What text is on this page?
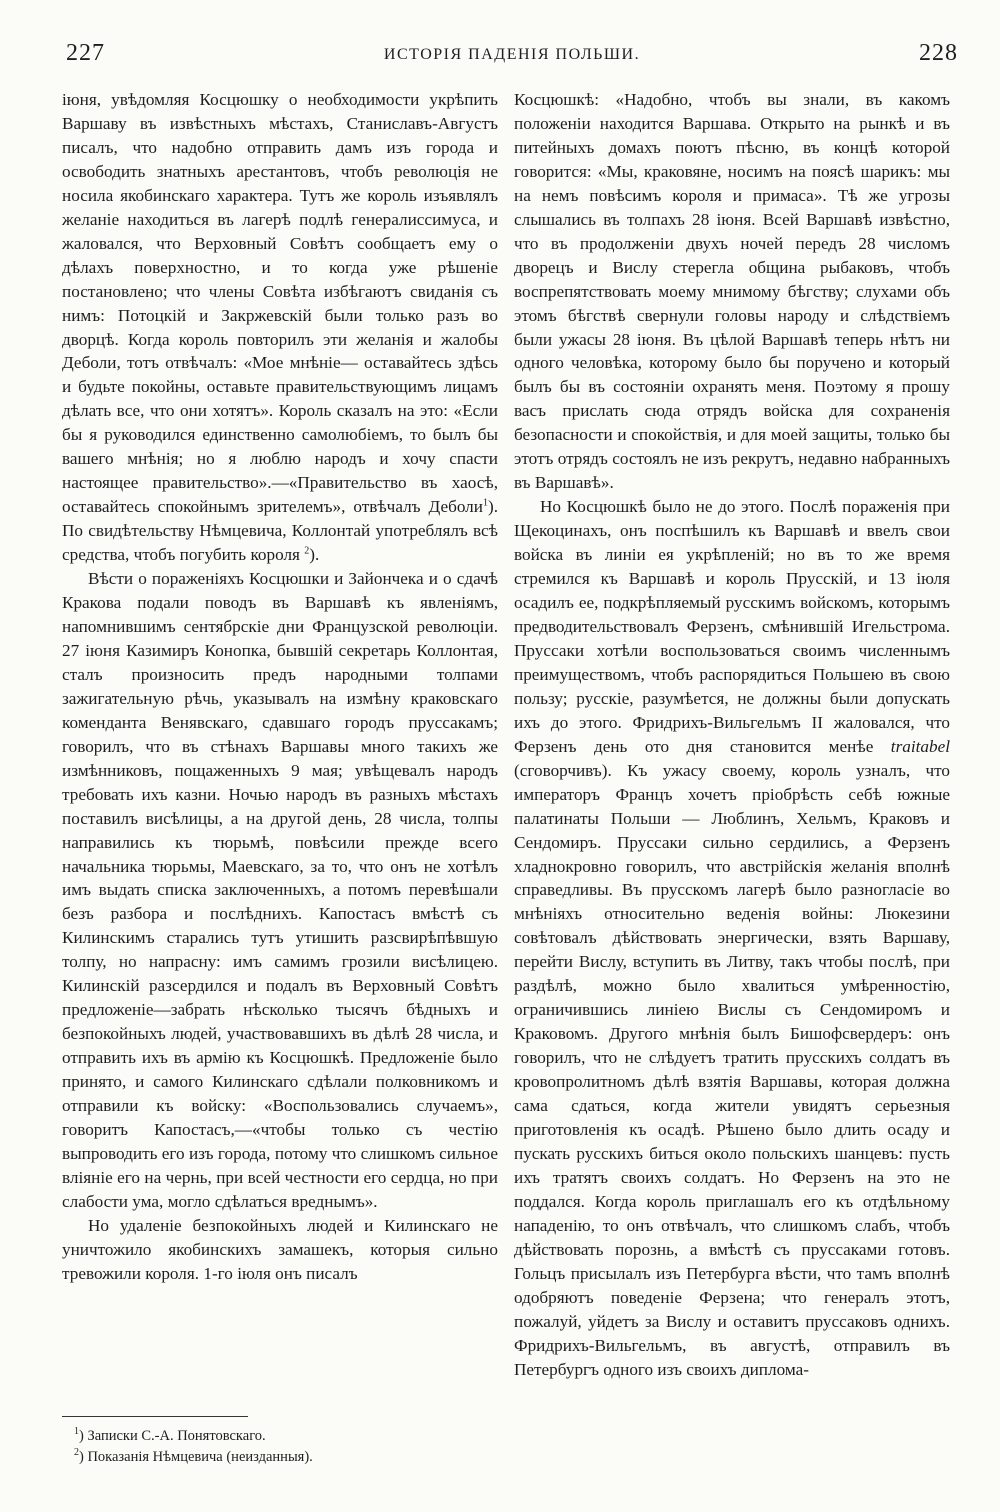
227	ИСТОРІЯ ПАДЕНІЯ ПОЛЬШИ.	228

іюня, увѣдомляя Косцюшку о необходимости укрѣпить Варшаву въ извѣстныхъ мѣстахъ, Станиславъ-Августъ писалъ, что надобно отправить дамъ изъ города и освободить знатныхъ арестантовъ, чтобъ революція не носила якобинскаго характера. Тутъ же король изъявлялъ желаніе находиться въ лагерѣ подлѣ генералиссимуса, и жаловался, что Верховный Совѣтъ сообщаетъ ему о дѣлахъ поверхностно, и то когда уже рѣшеніе постановлено; что члены Совѣта избѣгаютъ свиданія съ нимъ: Потоцкій и Закржевскій были только разъ во дворцѣ. Когда король повторилъ эти желанія и жалобы Деболи, тотъ отвѣчалъ: «Мое мнѣніе— оставайтесь здѣсь и будьте покойны, оставьте правительствующимъ лицамъ дѣлать все, что они хотятъ». Король сказалъ на это: «Если бы я руководился единственно самолюбіемъ, то былъ бы вашего мнѣнія; но я люблю народъ и хочу спасти настоящее правительство».—«Правительство въ хаосѣ, оставайтесь спокойнымъ зрителемъ», отвѣчалъ Деболи$^1$). По свидѣтельству Нѣмцевича, Коллонтай употреблялъ всѣ средства, чтобъ погубить короля $^2$).

Вѣсти о пораженіяхъ Косцюшки и Зайончека и о сдачѣ Кракова подали поводъ въ Варшавѣ къ явленіямъ, напомнившимъ сентябрскіе дни Французской революціи. 27 іюня Казимиръ Конопка, бывшій секретарь Коллонтая, сталъ произносить предъ народными толпами зажигательную рѣчь, указывалъ на измѣну краковскаго коменданта Венявскаго, сдавшаго городъ пруссакамъ; говорилъ, что въ стѣнахъ Варшавы много такихъ же измѣнниковъ, пощаженныхъ 9 мая; увѣщевалъ народъ требовать ихъ казни. Ночью народъ въ разныхъ мѣстахъ поставилъ висѣлицы, а на другой день, 28 числа, толпы направились къ тюрьмѣ, повѣсили прежде всего начальника тюрьмы, Маевскаго, за то, что онъ не хотѣлъ имъ выдать списка заключенныхъ, а потомъ перевѣшали безъ разбора и послѣднихъ. Капостасъ вмѣстѣ съ Килинскимъ старались тутъ утишить разсвирѣпѣвшую толпу, но напрасну: имъ самимъ грозили висѣлицею. Килинскій разсердился и подалъ въ Верховный Совѣтъ предложеніе—забрать нѣсколько тысячъ бѣдныхъ и безпокойныхъ людей, участвовавшихъ въ дѣлѣ 28 числа, и отправить ихъ въ армію къ Косцюшкѣ. Предложеніе было принято, и самого Килинскаго сдѣлали полковникомъ и отправили къ войску: «Воспользовались случаемъ», говоритъ Капостасъ,—«чтобы только съ честію выпроводить его изъ города, потому что слишкомъ сильное вліяніе его на чернь, при всей честности его сердца, но при слабости ума, могло сдѣлаться вреднымъ».

Но удаленіе безпокойныхъ людей и Килинскаго не уничтожило якобинскихъ замашекъ, которыя сильно тревожили короля. 1-го іюля онъ писалъ

Косцюшкѣ: «Надобно, чтобъ вы знали, въ какомъ положеніи находится Варшава. Открыто на рынкѣ и въ питейныхъ домахъ поютъ пѣсню, въ концѣ которой говорится: «Мы, краковяне, носимъ на поясѣ шарикъ: мы на немъ повѣсимъ короля и примаса». Тѣ же угрозы слышались въ толпахъ 28 іюня. Всей Варшавѣ извѣстно, что въ продолженіи двухъ ночей передъ 28 числомъ дворецъ и Вислу стерегла община рыбаковъ, чтобъ воспрепятствовать моему мнимому бѣгству; слухами объ этомъ бѣгствѣ свернули головы народу и слѣдствіемъ были ужасы 28 іюня. Въ цѣлой Варшавѣ теперь нѣтъ ни одного человѣка, которому было бы поручено и который былъ бы въ состояніи охранять меня. Поэтому я прошу васъ прислать сюда отрядъ войска для сохраненія безопасности и спокойствія, и для моей защиты, только бы этотъ отрядъ состоялъ не изъ рекрутъ, недавно набранныхъ въ Варшавѣ».

Но Косцюшкѣ было не до этого. Послѣ пораженія при Щекоцинахъ, онъ поспѣшилъ къ Варшавѣ и ввелъ свои войска въ линіи ея укрѣпленій; но въ то же время стремился къ Варшавѣ и король Прусскій, и 13 іюля осадилъ ее, подкрѣпляемый русскимъ войскомъ, которымъ предводительствовалъ Ферзенъ, смѣнившій Игельстрома. Пруссаки хотѣли воспользоваться своимъ численнымъ преимуществомъ, чтобъ распорядиться Польшею въ свою пользу; русскіе, разумѣется, не должны были допускать ихъ до этого. Фридрихъ-Вильгельмъ II жаловался, что Ферзенъ день ото дня становится менѣе traitabel (сговорчивъ). Къ ужасу своему, король узналъ, что императоръ Францъ хочетъ пріобрѣсть себѣ южные палатинаты Польши — Люблинъ, Хельмъ, Краковъ и Сендомиръ. Пруссаки сильно сердились, а Ферзенъ хладнокровно говорилъ, что австрійскія желанія вполнѣ справедливы. Въ прусскомъ лагерѣ было разногласіе во мнѣніяхъ относительно веденія войны: Люкезини совѣтовалъ дѣйствовать энергически, взять Варшаву, перейти Вислу, вступить въ Литву, такъ чтобы послѣ, при раздѣлѣ, можно было хвалиться умѣренностію, ограничившись линіею Вислы съ Сендомиромъ и Краковомъ. Другого мнѣнія былъ Бишофсвердеръ: онъ говорилъ, что не слѣдуетъ тратить прусскихъ солдатъ въ кровопролитномъ дѣлѣ взятія Варшавы, которая должна сама сдаться, когда жители увидятъ серьезныя приготовленія къ осадѣ. Рѣшено было длить осаду и пускать русскихъ биться около польскихъ шанцевъ: пусть ихъ тратятъ своихъ солдатъ. Но Ферзенъ на это не поддался. Когда король приглашалъ его къ отдѣльному нападенію, то онъ отвѣчалъ, что слишкомъ слабъ, чтобъ дѣйствовать порознь, а вмѣстѣ съ пруссаками готовъ. Гольцъ присылалъ изъ Петербурга вѣсти, что тамъ вполнѣ одобряютъ поведеніе Ферзена; что генералъ этотъ, пожалуй, уйдетъ за Вислу и оставитъ пруссаковъ однихъ. Фридрихъ-Вильгельмъ, въ августѣ, отправилъ въ Петербургъ одного изъ своихъ диплома-

$^1$) Записки С.-А. Понятовскаго.
$^2$) Показанія Нѣмцевича (неизданныя).
